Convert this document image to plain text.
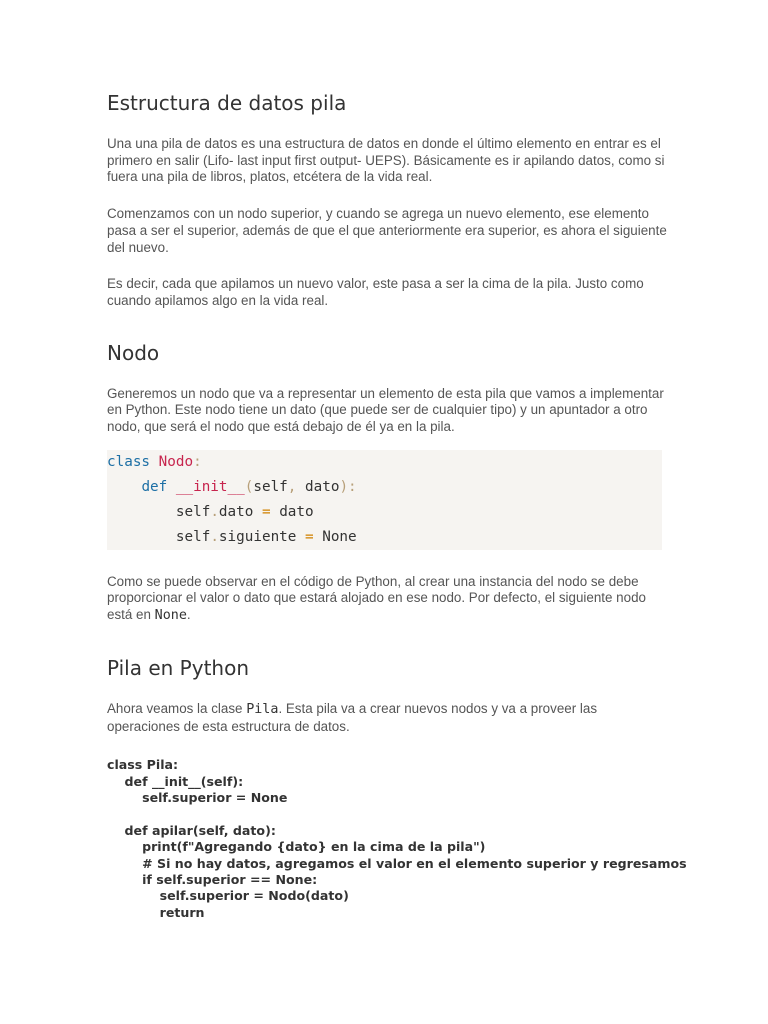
Estructura de datos pila

Una una pila de datos es una estructura de datos en donde el último elemento en entrar es el primero en salir (Lifo- last input first output- UEPS). Básicamente es ir apilando datos, como si fuera una pila de libros, platos, etcétera de la vida real.

Comenzamos con un nodo superior, y cuando se agrega un nuevo elemento, ese elemento pasa a ser el superior, además de que el que anteriormente era superior, es ahora el siguiente del nuevo.

Es decir, cada que apilamos un nuevo valor, este pasa a ser la cima de la pila. Justo como cuando apilamos algo en la vida real.

Nodo

Generemos un nodo que va a representar un elemento de esta pila que vamos a implementar en Python. Este nodo tiene un dato (que puede ser de cualquier tipo) y un apuntador a otro nodo, que será el nodo que está debajo de él ya en la pila.

class Nodo:
def __init__(self, dato):
self.dato = dato
self.siguiente = None

Como se puede observar en el código de Python, al crear una instancia del nodo se debe proporcionar el valor o dato que estará alojado en ese nodo. Por defecto, el siguiente nodo está en None.

Pila en Python

Ahora veamos la clase Pila. Esta pila va a crear nuevos nodos y va a proveer las operaciones de esta estructura de datos.

class Pila:
def __init__(self):
self.superior = None
def apilar(self, dato):
print(f"Agregando {dato} en la cima de la pila")
# Si no hay datos, agregamos el valor en el elemento superior y regresamos
if self.superior == None:
self.superior = Nodo(dato)
return
